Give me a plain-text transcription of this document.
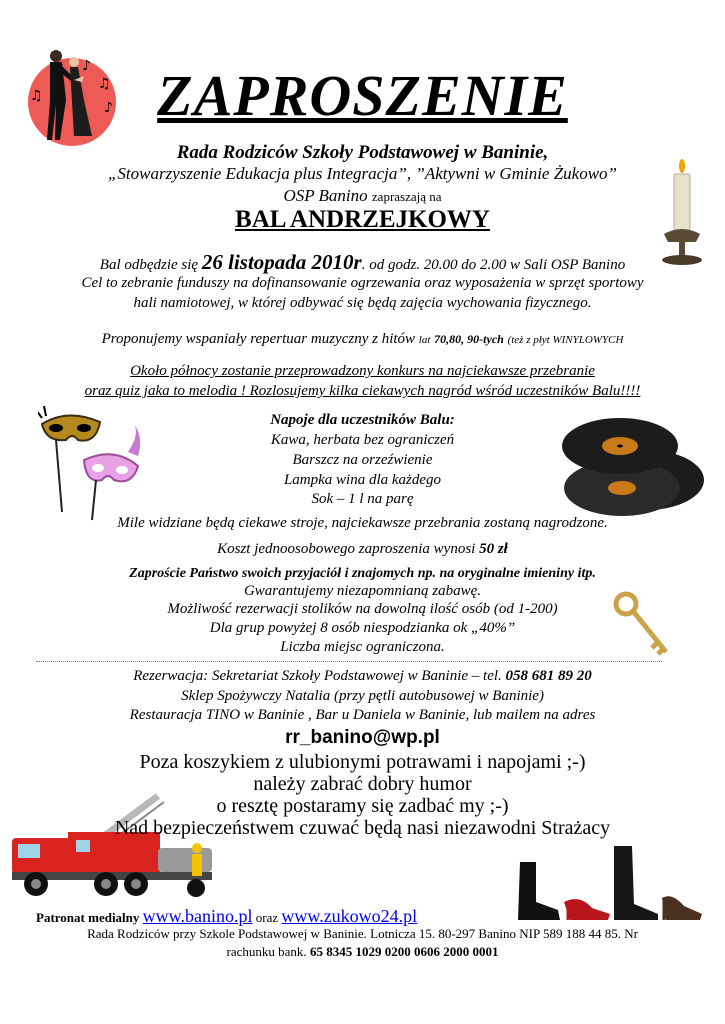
♪
♫
♪
♫	ZAPROSZENIE
Rada Rodziców Szkoły Podstawowej w Baninie,
„Stowarzyszenie Edukacja plus Integracja”, ”Aktywni w Gminie Żukowo”
OSP Banino zapraszają na
BAL ANDRZEJKOWY
Bal odbędzie się 26 listopada 2010r. od godz. 20.00 do 2.00 w Sali OSP Banino
Cel to zebranie funduszy na dofinansowanie ogrzewania oraz wyposażenia w sprzęt sportowy
hali namiotowej, w której odbywać się będą zajęcia wychowania fizycznego.
Proponujemy wspaniały repertuar muzyczny z hitów lat 70,80, 90-tych (też z płyt WINYLOWYCH
Około północy zostanie przeprowadzony konkurs na najciekawsze przebranie
oraz quiz jaka to melodia ! Rozlosujemy kilka ciekawych nagród wśród uczestników Balu!!!!
Napoje dla uczestników Balu:
Kawa, herbata bez ograniczeń
Barszcz na orzeźwienie
Lampka wina dla każdego
Sok – 1 l na parę
Mile widziane będą ciekawe stroje, najciekawsze przebrania zostaną nagrodzone.
Koszt jednoosobowego zaproszenia wynosi 50 zł
Zaproście Państwo swoich przyjaciół i znajomych np. na oryginalne imieniny itp.
Gwarantujemy niezapomnianą zabawę.
Możliwość rezerwacji stolików na dowolną ilość osób (od 1-200)
Dla grup powyżej 8 osób niespodzianka ok „40%”
Liczba miejsc ograniczona.
Rezerwacja: Sekretariat Szkoły Podstawowej w Baninie – tel. 058 681 89 20
Sklep Spożywczy Natalia (przy pętli autobusowej w Baninie)
Restauracja TINO w Baninie , Bar u Daniela w Baninie, lub mailem na adres
rr_banino@wp.pl
Poza koszykiem z ulubionymi potrawami i napojami ;-)
należy zabrać dobry humor
o resztę postaramy się zadbać my ;-)
Nad bezpieczeństwem czuwać będą nasi niezawodni Strażacy
Patronat medialny www.banino.pl oraz www.zukowo24.pl
Rada Rodziców przy Szkole Podstawowej w Baninie. Lotnicza 15. 80-297 Banino NIP 589 188 44 85. Nr
rachunku bank. 65 8345 1029 0200 0606 2000 0001
